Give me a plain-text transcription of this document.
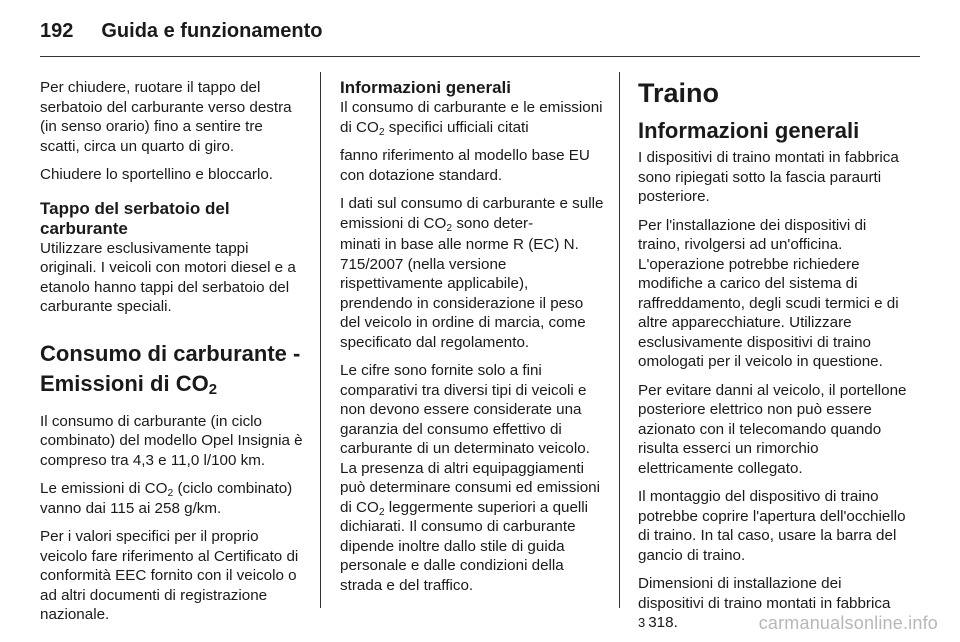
192 Guida e funzionamento

Per chiudere, ruotare il tappo del serbatoio del carburante verso destra (in senso orario) fino a sentire tre scatti, circa un quarto di giro.

Chiudere lo sportellino e bloccarlo.

Tappo del serbatoio del carburante

Utilizzare esclusivamente tappi originali. I veicoli con motori diesel e a etanolo hanno tappi del serbatoio del carburante speciali.

Consumo di carburante -
Emissioni di $CO_2$

Il consumo di carburante (in ciclo combinato) del modello Opel Insignia è compreso tra 4,3 e 11,0 l/100 km.

Le emissioni di $CO_2$ (ciclo combinato) vanno dai 115 ai 258 g/km.

Per i valori specifici per il proprio veicolo fare riferimento al Certificato di conformità EEC fornito con il veicolo o ad altri documenti di registrazione nazionale.

Informazioni generali

Il consumo di carburante e le emissioni di $CO_2$ specifici ufficiali citati

fanno riferimento al modello base EU con dotazione standard.

I dati sul consumo di carburante e sulle emissioni di $CO_2$ sono deter-

minati in base alle norme R (EC) N. 715/2007 (nella versione rispettivamente applicabile), prendendo in considerazione il peso del veicolo in ordine di marcia, come specificato dal regolamento.

Le cifre sono fornite solo a fini comparativi tra diversi tipi di veicoli e non devono essere considerate una garanzia del consumo effettivo di carburante di un determinato veicolo. La presenza di altri equipaggiamenti può determinare consumi ed emissioni di $CO_2$ leggermente superiori a quelli dichiarati. Il consumo di carburante dipende inoltre dallo stile di guida personale e dalle condizioni della strada e del traffico.

Traino
Informazioni generali

I dispositivi di traino montati in fabbrica sono ripiegati sotto la fascia paraurti posteriore.

Per l'installazione dei dispositivi di traino, rivolgersi ad un'officina. L'operazione potrebbe richiedere modifiche a carico del sistema di raffreddamento, degli scudi termici e di altre apparecchiature. Utilizzare esclusivamente dispositivi di traino omologati per il veicolo in questione.

Per evitare danni al veicolo, il portellone posteriore elettrico non può essere azionato con il telecomando quando risulta esserci un rimorchio elettricamente collegato.

Il montaggio del dispositivo di traino potrebbe coprire l'apertura dell'occhiello di traino. In tal caso, usare la barra del gancio di traino.

Dimensioni di installazione dei dispositivi di traino montati in fabbrica
3 318.	carmanualsonline.info
